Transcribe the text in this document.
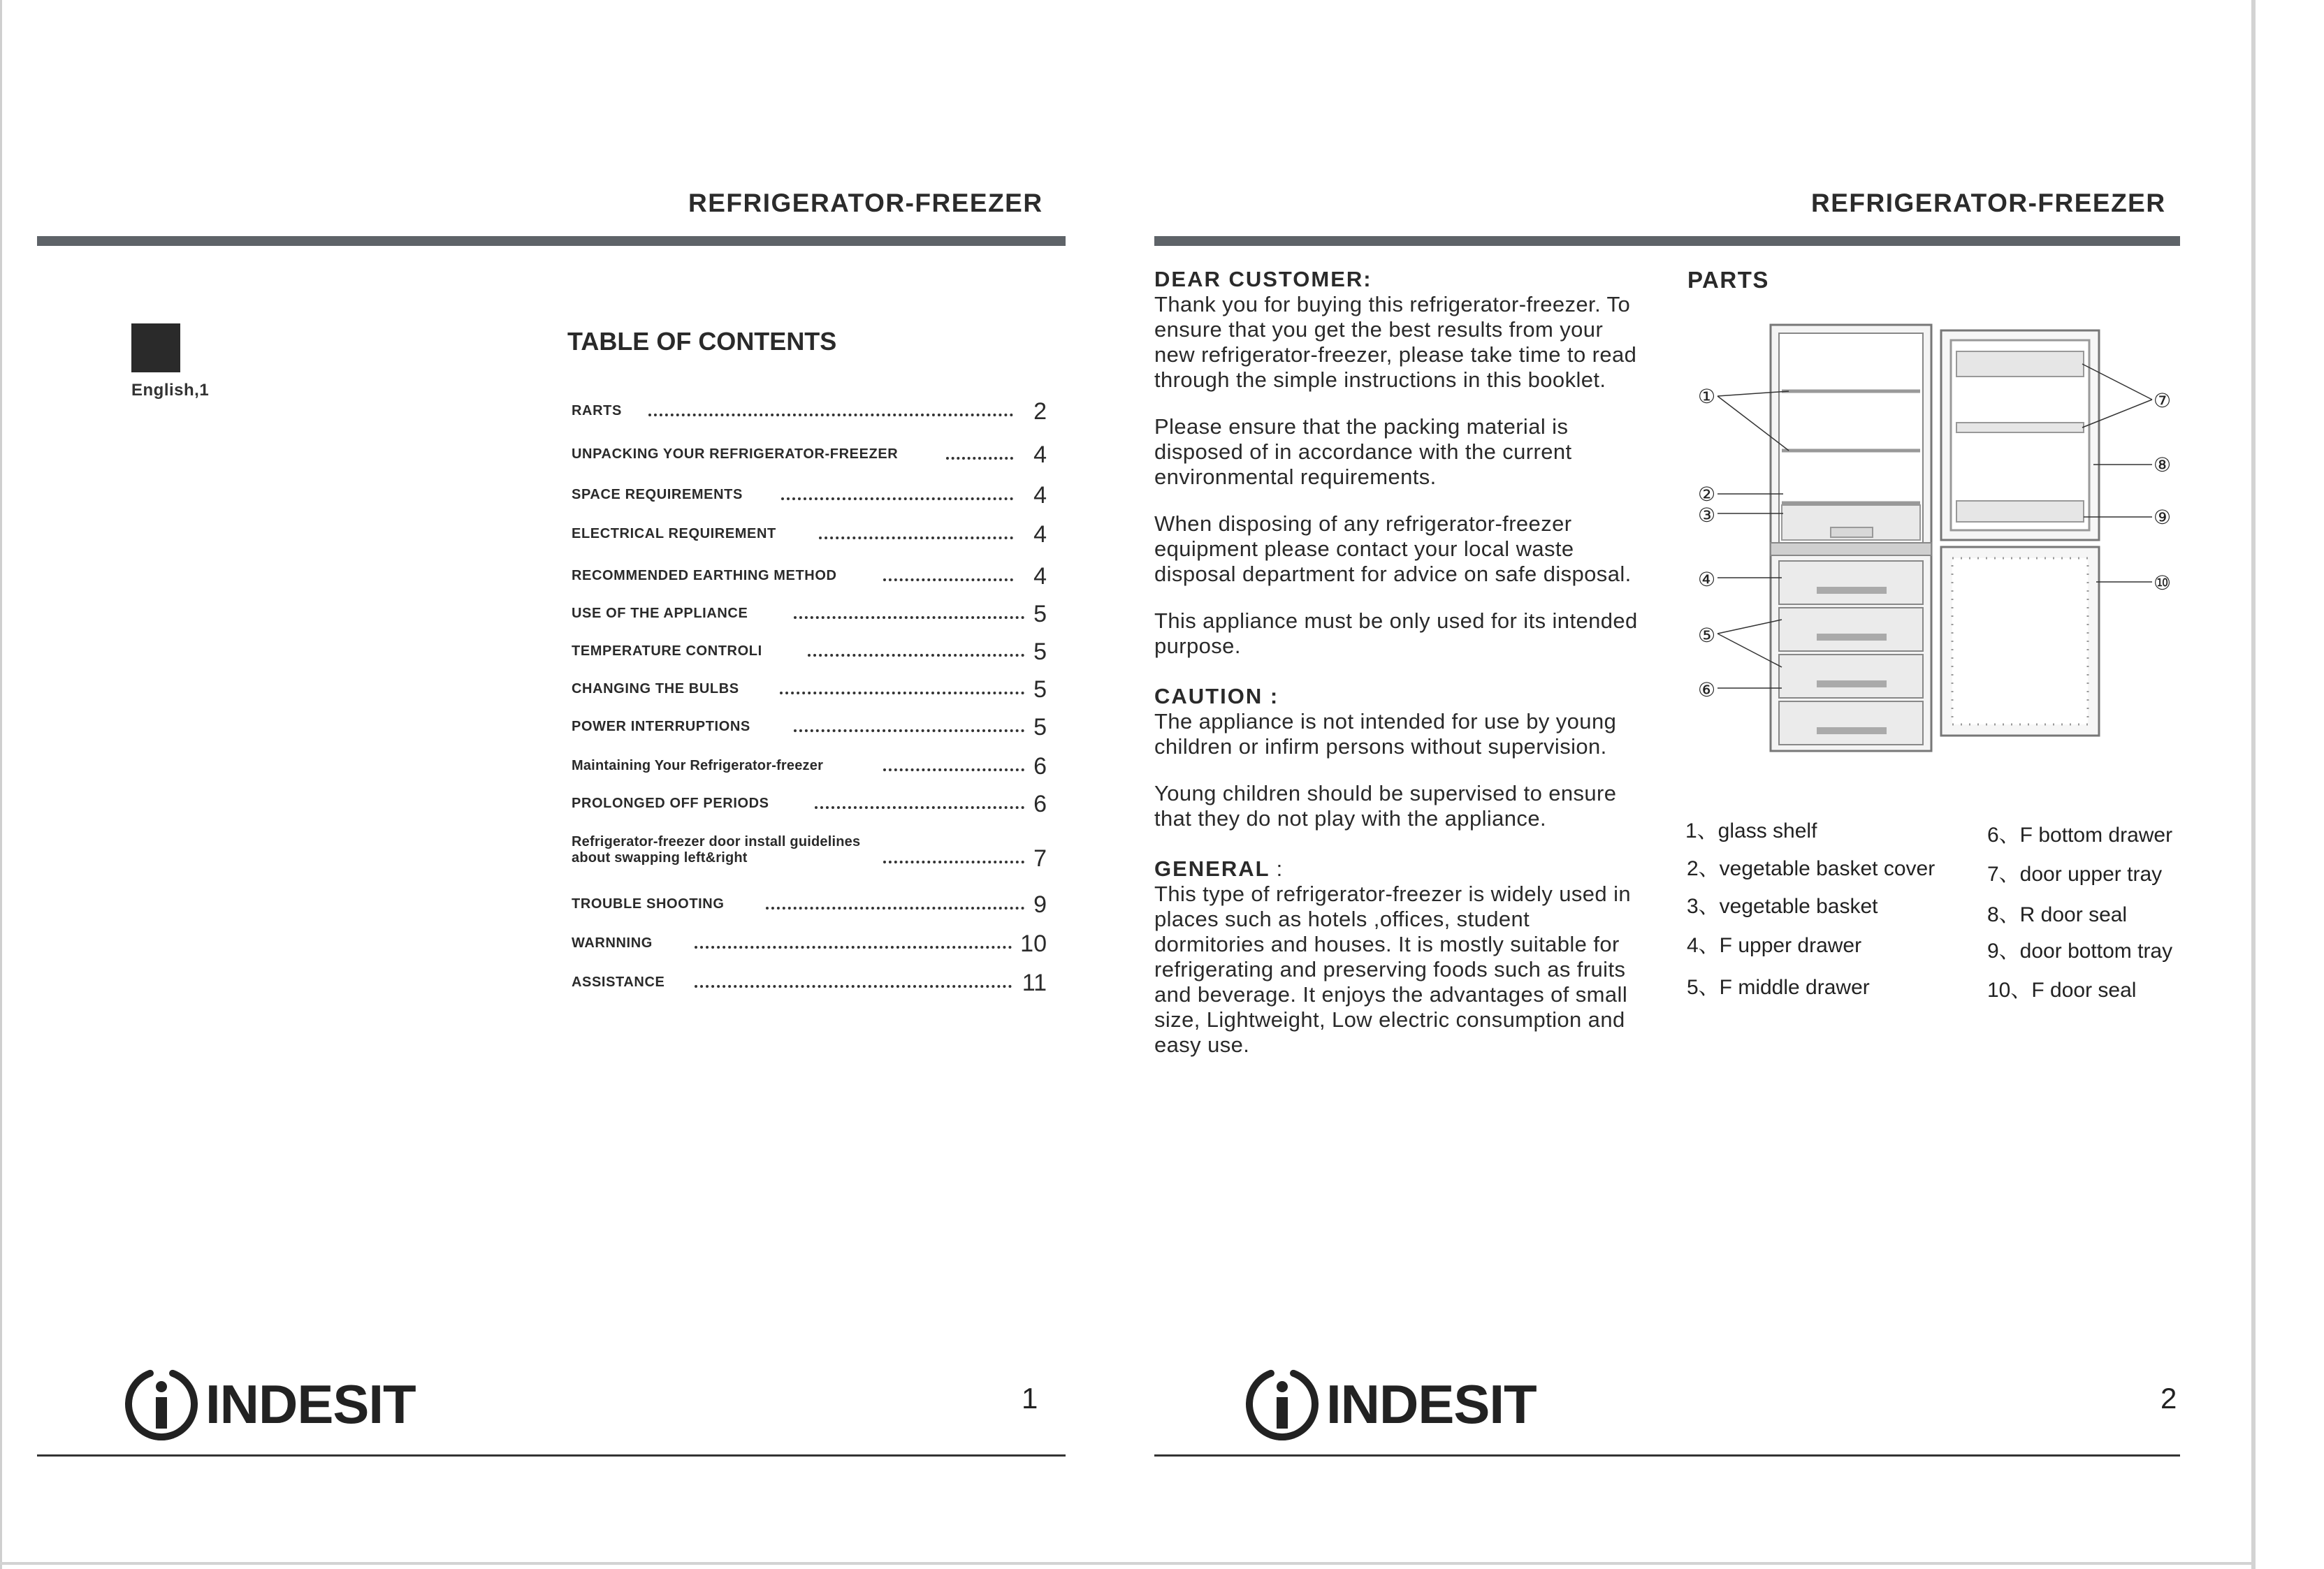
REFRIGERATOR-FREEZER
English,1
TABLE OF CONTENTS
RARTS	2
UNPACKING YOUR REFRIGERATOR-FREEZER	4
SPACE REQUIREMENTS	4
ELECTRICAL REQUIREMENT	4
RECOMMENDED EARTHING METHOD	4
USE OF THE APPLIANCE	5
TEMPERATURE CONTROLI	5
CHANGING THE BULBS	5
POWER INTERRUPTIONS	5
Maintaining Your Refrigerator-freezer	6
PROLONGED OFF PERIODS	6
Refrigerator-freezer door install guidelines about swapping left&right	7
TROUBLE SHOOTING	9
WARNNING	10
ASSISTANCE	11
INDESIT	1
REFRIGERATOR-FREEZER
DEAR CUSTOMER:

Thank you for buying this refrigerator-freezer. To ensure that you get the best results from your new refrigerator-freezer, please take time to read through the simple instructions in this booklet.

Please ensure that the packing material is disposed of in accordance with the current environmental requirements.

When disposing of any refrigerator-freezer equipment please contact your local waste disposal department for advice on safe disposal.

This appliance must be only used for its intended purpose.

CAUTION :

The appliance is not intended for use by young children or infirm persons without supervision.

Young children should be supervised to ensure that they do not play with the appliance.

GENERAL :

This type of refrigerator-freezer is widely used in places such as hotels ,offices, student dormitories and houses. It is mostly suitable for refrigerating and preserving foods such as fruits and beverage. It enjoys the advantages of small size, Lightweight, Low electric consumption and easy use.

PARTS
①
②
③
④
⑤
⑥
⑦
⑧
⑨
⑩
1、glass shelf
2、vegetable basket cover
3、vegetable basket
4、F upper drawer
5、F middle drawer
6、F bottom drawer
7、door upper tray
8、R door seal
9、door bottom tray
10、F door seal
INDESIT	2
